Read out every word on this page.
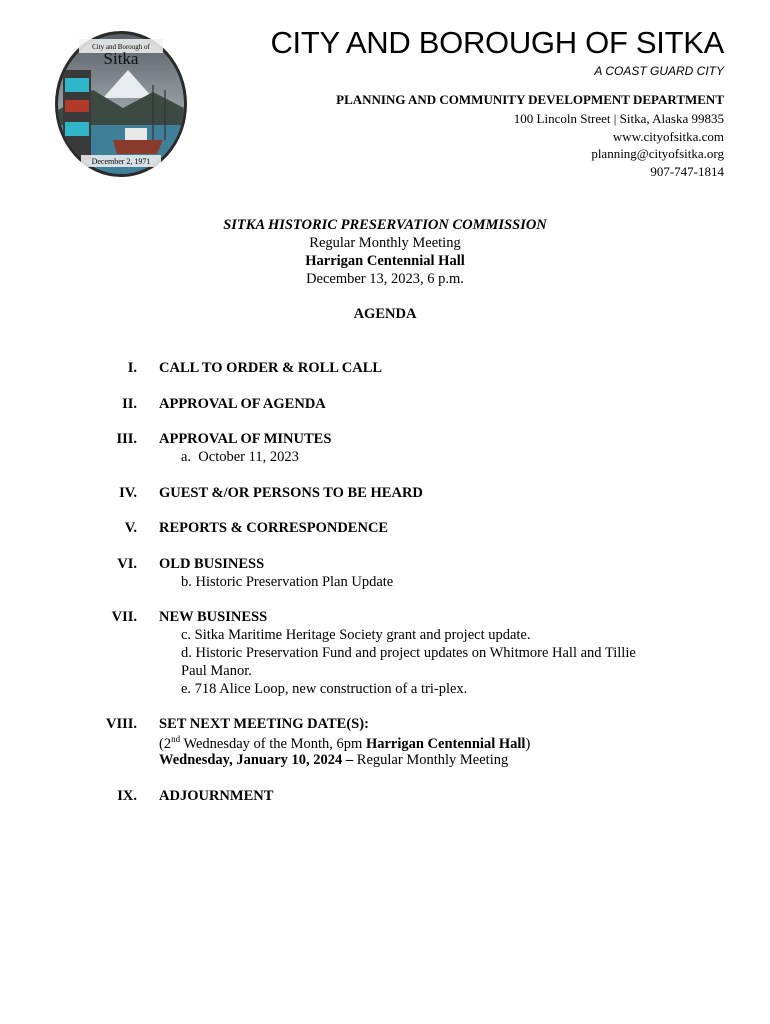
City and Borough of
Sitka
December 2, 1971
CITY AND BOROUGH OF SITKA
A COAST GUARD CITY
PLANNING AND COMMUNITY DEVELOPMENT DEPARTMENT
100 Lincoln Street | Sitka, Alaska 99835
www.cityofsitka.com
planning@cityofsitka.org
907-747-1814
SITKA HISTORIC PRESERVATION COMMISSION
Regular Monthly Meeting
Harrigan Centennial Hall
December 13, 2023, 6 p.m.
AGENDA
I. CALL TO ORDER & ROLL CALL
II. APPROVAL OF AGENDA
III. APPROVAL OF MINUTES
a.  October 11, 2023
IV. GUEST &/OR PERSONS TO BE HEARD
V. REPORTS & CORRESPONDENCE
VI. OLD BUSINESS
b. Historic Preservation Plan Update
VII. NEW BUSINESS
c. Sitka Maritime Heritage Society grant and project update.
d. Historic Preservation Fund and project updates on Whitmore Hall and Tillie
Paul Manor.
e. 718 Alice Loop, new construction of a tri-plex.
VIII. SET NEXT MEETING DATE(S):
(2nd Wednesday of the Month, 6pm Harrigan Centennial Hall)
Wednesday, January 10, 2024 – Regular Monthly Meeting
IX. ADJOURNMENT
